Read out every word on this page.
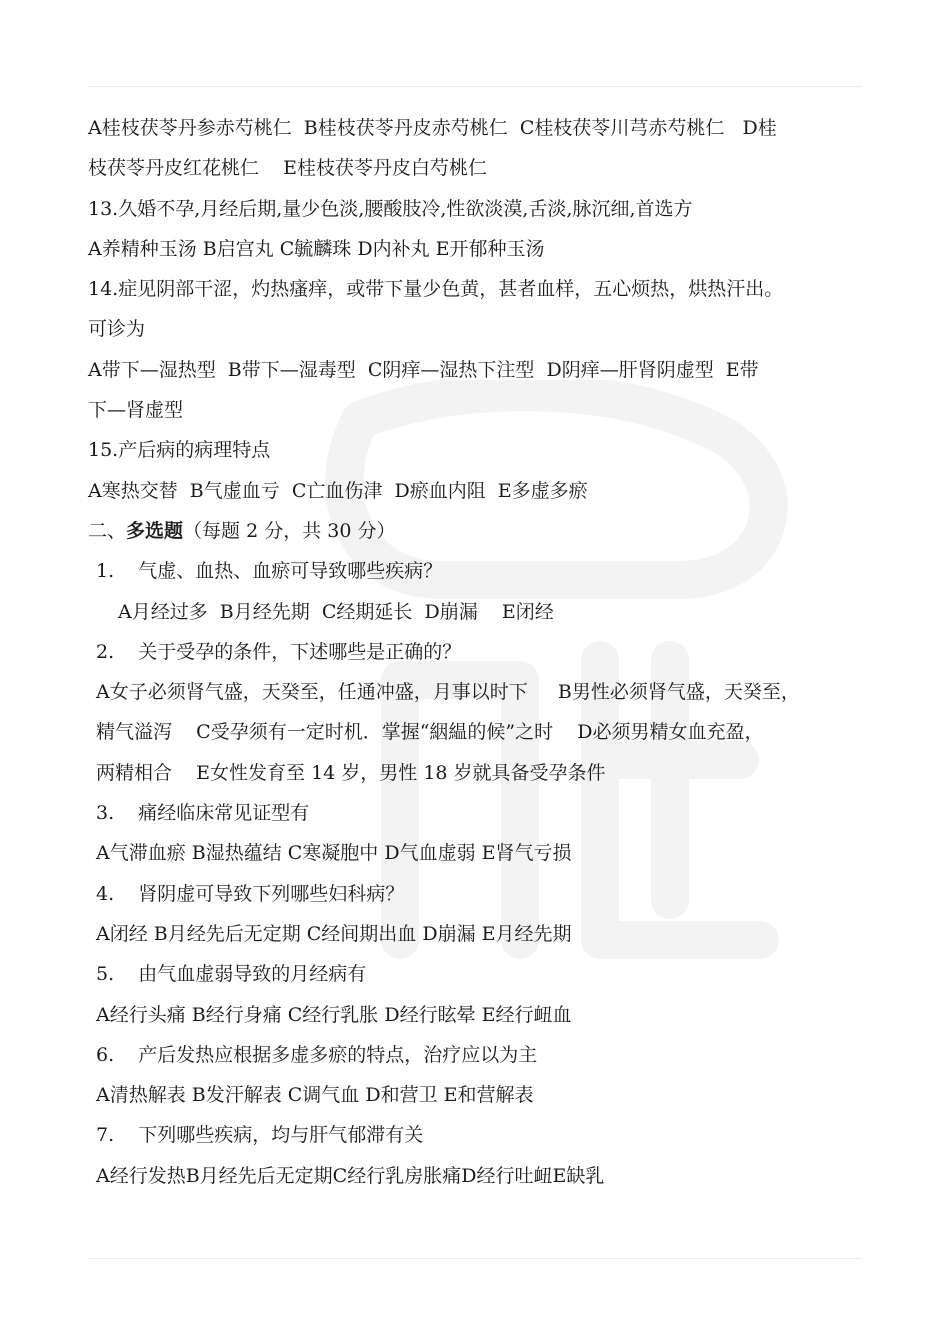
A桂枝茯苓丹参赤芍桃仁  B桂枝茯苓丹皮赤芍桃仁  C桂枝茯苓川芎赤芍桃仁   D桂
枝茯苓丹皮红花桃仁    E桂枝茯苓丹皮白芍桃仁
13.久婚不孕,月经后期,量少色淡,腰酸肢冷,性欲淡漠,舌淡,脉沉细,首选方
A养精种玉汤 B启宫丸 C毓麟珠 D内补丸 E开郁种玉汤
14.症见阴部干涩，灼热瘙痒，或带下量少色黄，甚者血样，五心烦热，烘热汗出。
可诊为
A带下—湿热型  B带下—湿毒型  C阴痒—湿热下注型  D阴痒—肝肾阴虚型  E带
下—肾虚型
15.产后病的病理特点
A寒热交替  B气虚血亏  C亡血伤津  D瘀血内阻  E多虚多瘀
二、多选题（每题 2 分，共 30 分）
1.    气虚、血热、血瘀可导致哪些疾病？
A月经过多  B月经先期  C经期延长  D崩漏    E闭经
2.    关于受孕的条件，下述哪些是正确的？
A女子必须肾气盛，天癸至，任通冲盛，月事以时下     B男性必须肾气盛，天癸至，
精气溢泻    C受孕须有一定时机．掌握“絪緼的候”之时    D必须男精女血充盈，
两精相合    E女性发育至 14 岁，男性 18 岁就具备受孕条件
3.    痛经临床常见证型有
A气滞血瘀 B湿热蕴结 C寒凝胞中 D气血虚弱 E肾气亏损
4.    肾阴虚可导致下列哪些妇科病？
A闭经 B月经先后无定期 C经间期出血 D崩漏 E月经先期
5.    由气血虚弱导致的月经病有
A经行头痛 B经行身痛 C经行乳胀 D经行眩晕 E经行衄血
6.    产后发热应根据多虚多瘀的特点，治疗应以为主
A清热解表 B发汗解表 C调气血 D和营卫 E和营解表
7.    下列哪些疾病，均与肝气郁滞有关
A经行发热B月经先后无定期C经行乳房胀痛D经行吐衄E缺乳
